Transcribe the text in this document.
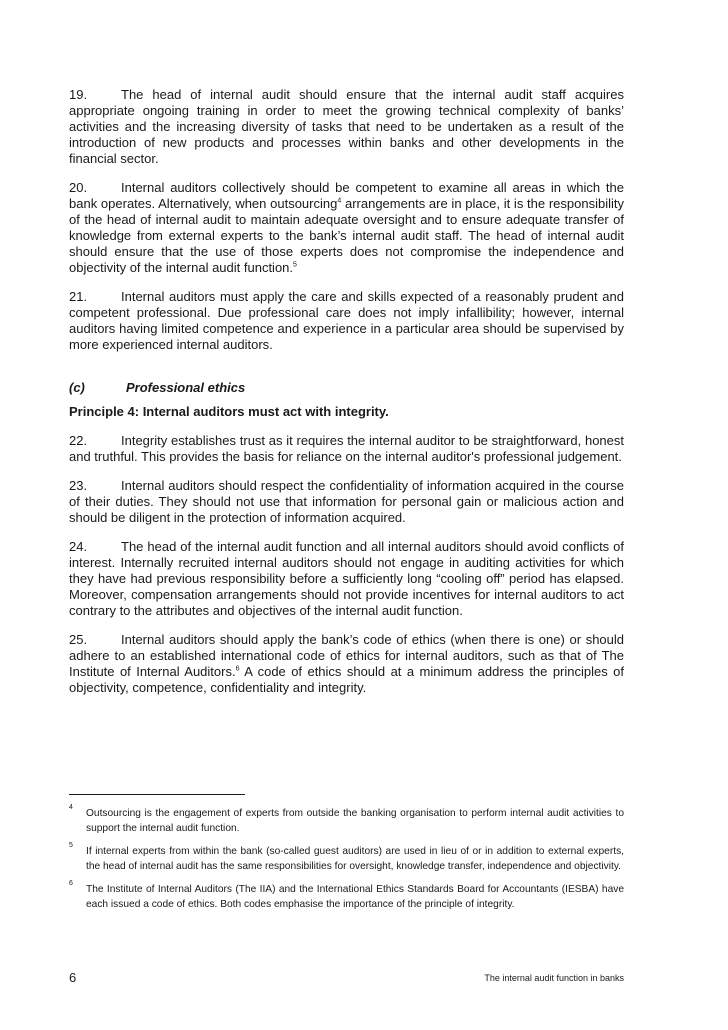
19.	The head of internal audit should ensure that the internal audit staff acquires appropriate ongoing training in order to meet the growing technical complexity of banks’ activities and the increasing diversity of tasks that need to be undertaken as a result of the introduction of new products and processes within banks and other developments in the financial sector.

20.	Internal auditors collectively should be competent to examine all areas in which the bank operates. Alternatively, when outsourcing$^4$ arrangements are in place, it is the responsibility of the head of internal audit to maintain adequate oversight and to ensure adequate transfer of knowledge from external experts to the bank’s internal audit staff. The head of internal audit should ensure that the use of those experts does not compromise the independence and objectivity of the internal audit function.$^5$

21.	Internal auditors must apply the care and skills expected of a reasonably prudent and competent professional. Due professional care does not imply infallibility; however, internal auditors having limited competence and experience in a particular area should be supervised by more experienced internal auditors.

(c)	Professional ethics
Principle 4: Internal auditors must act with integrity.

22.	Integrity establishes trust as it requires the internal auditor to be straightforward, honest and truthful. This provides the basis for reliance on the internal auditor's professional judgement.

23.	Internal auditors should respect the confidentiality of information acquired in the course of their duties. They should not use that information for personal gain or malicious action and should be diligent in the protection of information acquired.

24.	The head of the internal audit function and all internal auditors should avoid conflicts of interest. Internally recruited internal auditors should not engage in auditing activities for which they have had previous responsibility before a sufficiently long “cooling off” period has elapsed. Moreover, compensation arrangements should not provide incentives for internal auditors to act contrary to the attributes and objectives of the internal audit function.

25.	Internal auditors should apply the bank’s code of ethics (when there is one) or should adhere to an established international code of ethics for internal auditors, such as that of The Institute of Internal Auditors.$^6$ A code of ethics should at a minimum address the principles of objectivity, competence, confidentiality and integrity.

4
Outsourcing is the engagement of experts from outside the banking organisation to perform internal audit activities to support the internal audit function.
5
If internal experts from within the bank (so-called guest auditors) are used in lieu of or in addition to external experts, the head of internal audit has the same responsibilities for oversight, knowledge transfer, independence and objectivity.
6
The Institute of Internal Auditors (The IIA) and the International Ethics Standards Board for Accountants (IESBA) have each issued a code of ethics. Both codes emphasise the importance of the principle of integrity.
6	The internal audit function in banks
